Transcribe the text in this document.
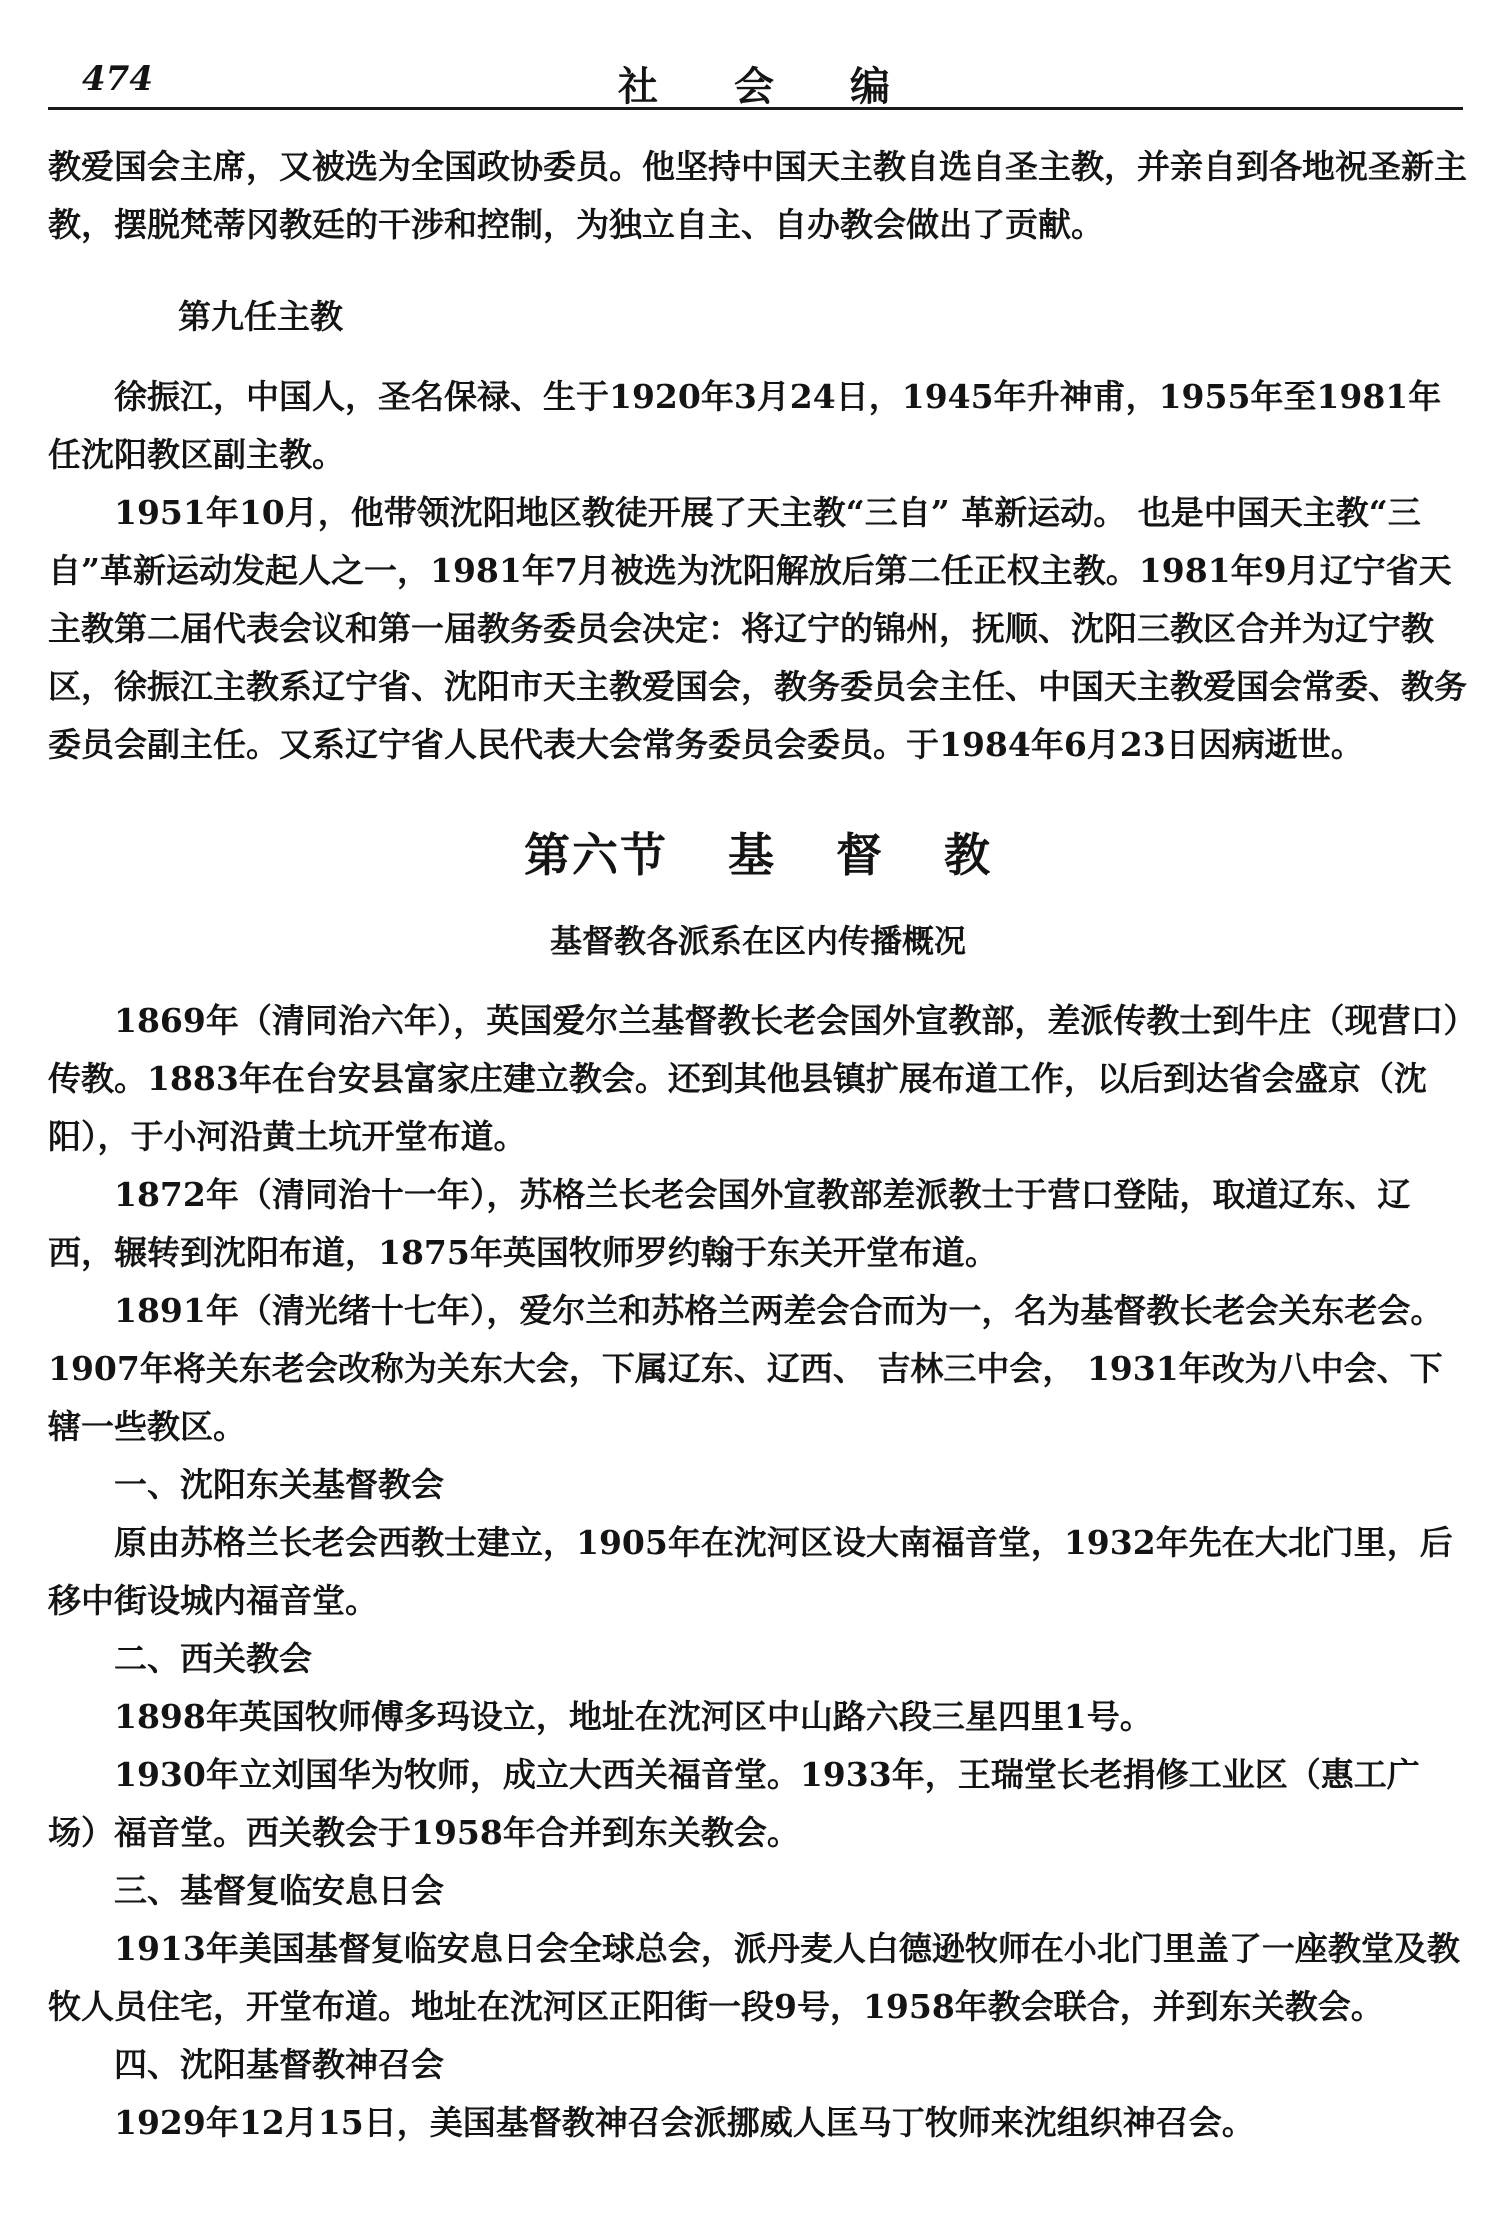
474	社会编

教爱国会主席，又被选为全国政协委员。他坚持中国天主教自选自圣主教，并亲自到各地祝圣新主教，摆脱梵蒂冈教廷的干涉和控制，为独立自主、自办教会做出了贡献。

第九任主教

徐振江，中国人，圣名保禄、生于1920年3月24日，1945年升神甫，1955年至1981年任沈阳教区副主教。

1951年10月，他带领沈阳地区教徒开展了天主教“三自” 革新运动。 也是中国天主教“三自”革新运动发起人之一，1981年7月被选为沈阳解放后第二任正权主教。1981年9月辽宁省天主教第二届代表会议和第一届教务委员会决定：将辽宁的锦州，抚顺、沈阳三教区合并为辽宁教区，徐振江主教系辽宁省、沈阳市天主教爱国会，教务委员会主任、中国天主教爱国会常委、教务委员会副主任。又系辽宁省人民代表大会常务委员会委员。于1984年6月23日因病逝世。

第六节 基 督 教

基督教各派系在区内传播概况

1869年（清同治六年），英国爱尔兰基督教长老会国外宣教部，差派传教士到牛庄（现营口）传教。1883年在台安县富家庄建立教会。还到其他县镇扩展布道工作，以后到达省会盛京（沈阳），于小河沿黄土坑开堂布道。

1872年（清同治十一年），苏格兰长老会国外宣教部差派教士于营口登陆，取道辽东、辽西，辗转到沈阳布道，1875年英国牧师罗约翰于东关开堂布道。

1891年（清光绪十七年），爱尔兰和苏格兰两差会合而为一，名为基督教长老会关东老会。1907年将关东老会改称为关东大会，下属辽东、辽西、 吉林三中会， 1931年改为八中会、下辖一些教区。

一、沈阳东关基督教会

原由苏格兰长老会西教士建立，1905年在沈河区设大南福音堂，1932年先在大北门里，后移中街设城内福音堂。

二、西关教会

1898年英国牧师傅多玛设立，地址在沈河区中山路六段三星四里1号。

1930年立刘国华为牧师，成立大西关福音堂。1933年，王瑞堂长老捐修工业区（惠工广场）福音堂。西关教会于1958年合并到东关教会。

三、基督复临安息日会

1913年美国基督复临安息日会全球总会，派丹麦人白德逊牧师在小北门里盖了一座教堂及教牧人员住宅，开堂布道。地址在沈河区正阳街一段9号，1958年教会联合，并到东关教会。

四、沈阳基督教神召会

1929年12月15日，美国基督教神召会派挪威人匡马丁牧师来沈组织神召会。
